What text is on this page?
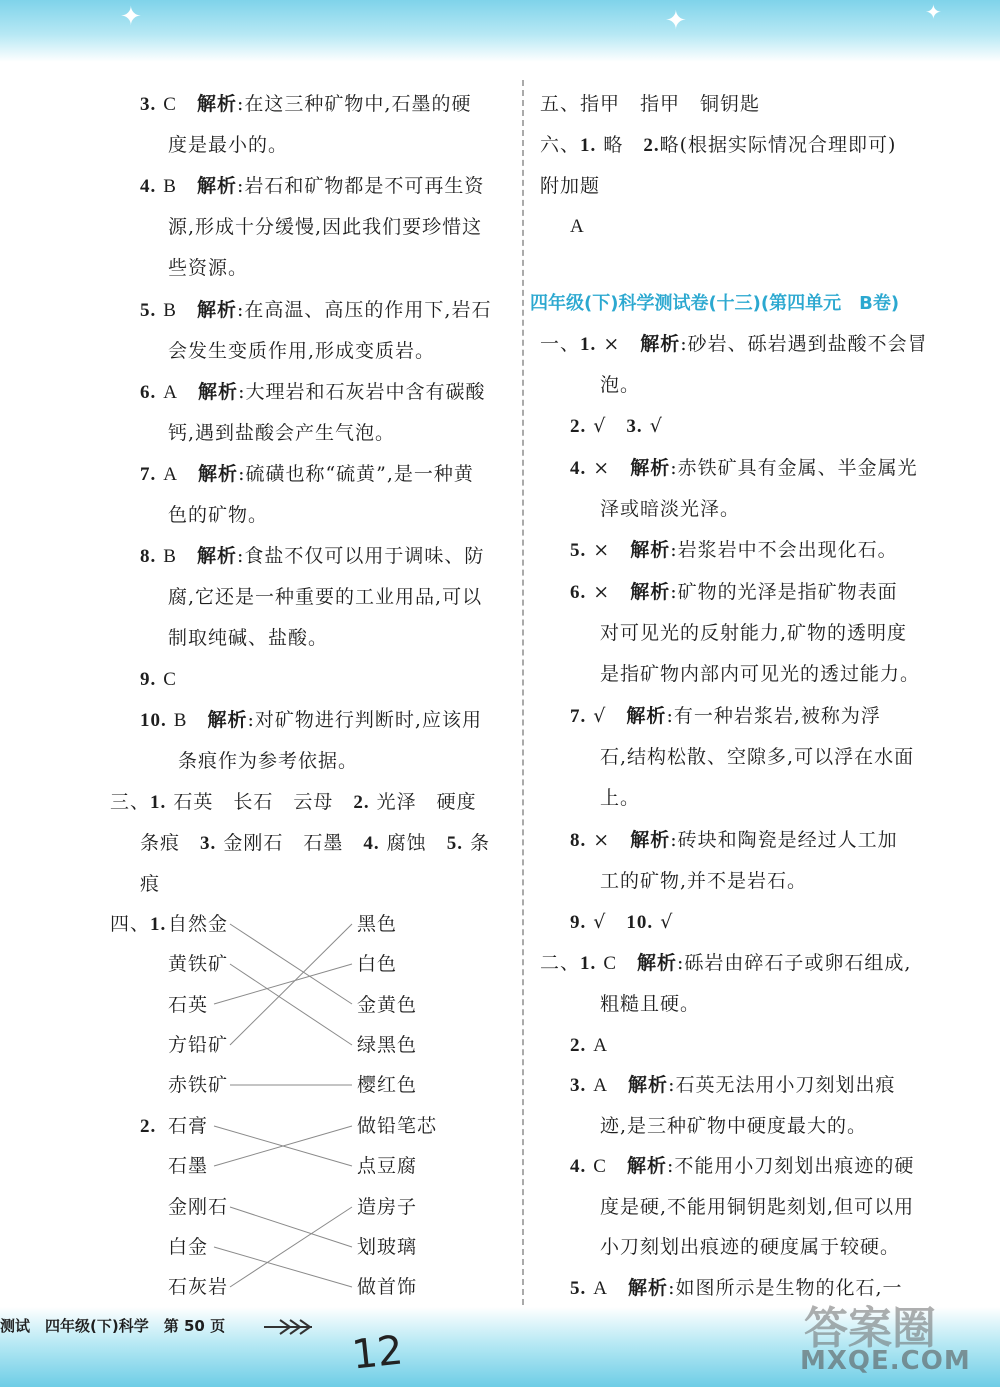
✦	✦	✦
3. C　 解析:在这三种矿物中,石墨的硬
度是最小的。
4. B　 解析:岩石和矿物都是不可再生资
源,形成十分缓慢,因此我们要珍惜这
些资源。
5. B　 解析:在高温、高压的作用下,岩石
会发生变质作用,形成变质岩。
6. A　 解析:大理岩和石灰岩中含有碳酸
钙,遇到盐酸会产生气泡。
7. A　 解析:硫磺也称“硫黄”,是一种黄
色的矿物。
8. B　 解析:食盐不仅可以用于调味、防
腐,它还是一种重要的工业用品,可以
制取纯碱、盐酸。
9. C
10. B　 解析:对矿物进行判断时,应该用
条痕作为参考依据。
三、1. 石英　长石　云母　 2. 光泽　硬度
条痕　 3. 金刚石　石墨　 4. 腐蚀　 5. 条
痕
四、1.
2.
自然金
黄铁矿
石英
方铅矿
赤铁矿
黑色
白色
金黄色
绿黑色
樱红色
石膏
石墨
金刚石
白金
石灰岩
做铅笔芯
点豆腐
造房子
划玻璃
做首饰
五、指甲　指甲　铜钥匙
六、1. 略　 2.略(根据实际情况合理即可)
附加题
A
四年级(下)科学测试卷(十三)(第四单元　B卷)
一、1. ×　 解析:砂岩、砾岩遇到盐酸不会冒
泡。
2. √　 3. √
4. ×　 解析:赤铁矿具有金属、半金属光
泽或暗淡光泽。
5. ×　 解析:岩浆岩中不会出现化石。
6. ×　 解析:矿物的光泽是指矿物表面
对可见光的反射能力,矿物的透明度
是指矿物内部内可见光的透过能力。
7. √　 解析:有一种岩浆岩,被称为浮
石,结构松散、空隙多,可以浮在水面
上。
8. ×　 解析:砖块和陶瓷是经过人工加
工的矿物,并不是岩石。
9. √　 10. √
二、1. C　 解析:砾岩由碎石子或卵石组成,
粗糙且硬。
2. A
3. A　 解析:石英无法用小刀刻划出痕
迹,是三种矿物中硬度最大的。
4. C　 解析:不能用小刀刻划出痕迹的硬
度是硬,不能用铜钥匙刻划,但可以用
小刀刻划出痕迹的硬度属于较硬。
5. A　 解析:如图所示是生物的化石,一
测试　四年级(下)科学　第 50 页
12	答案圈
MXQE.COM
